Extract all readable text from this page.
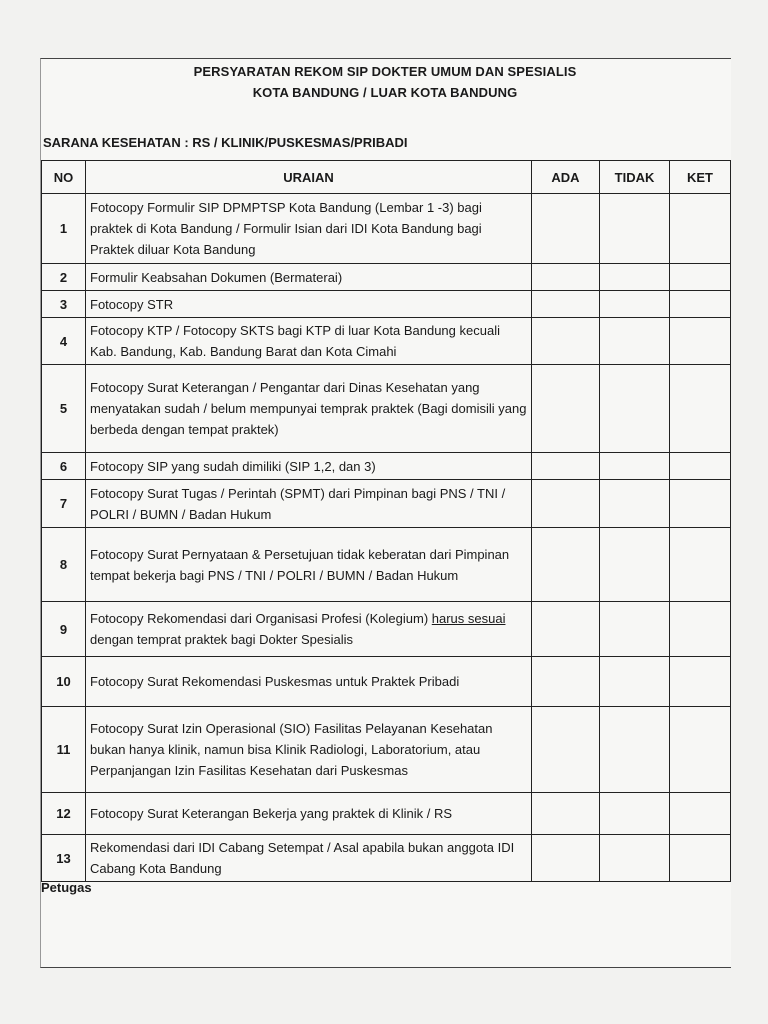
PERSYARATAN REKOM SIP DOKTER UMUM DAN SPESIALIS
KOTA BANDUNG / LUAR KOTA BANDUNG
SARANA KESEHATAN : RS / KLINIK/PUSKESMAS/PRIBADI
NO	URAIAN	ADA	TIDAK	KET
1	Fotocopy Formulir SIP DPMPTSP Kota Bandung (Lembar 1 -3) bagi praktek di Kota Bandung / Formulir Isian dari IDI Kota Bandung bagi Praktek diluar Kota Bandung			
2	Formulir Keabsahan Dokumen (Bermaterai)			
3	Fotocopy STR			
4	Fotocopy KTP / Fotocopy SKTS bagi KTP di luar Kota Bandung kecuali Kab. Bandung, Kab. Bandung Barat dan Kota Cimahi			
5	Fotocopy Surat Keterangan / Pengantar dari Dinas Kesehatan yang menyatakan sudah / belum mempunyai temprak praktek (Bagi domisili yang berbeda dengan tempat praktek)			
6	Fotocopy SIP yang sudah dimiliki (SIP 1,2, dan 3)			
7	Fotocopy Surat Tugas / Perintah (SPMT) dari Pimpinan bagi PNS / TNI / POLRI / BUMN / Badan Hukum			
8	Fotocopy Surat Pernyataan & Persetujuan tidak keberatan dari Pimpinan tempat bekerja bagi PNS / TNI / POLRI / BUMN / Badan Hukum			
9	Fotocopy Rekomendasi dari Organisasi Profesi (Kolegium) harus sesuai dengan temprat praktek bagi Dokter Spesialis			
10	Fotocopy Surat Rekomendasi Puskesmas untuk Praktek Pribadi			
11	Fotocopy Surat Izin Operasional (SIO) Fasilitas Pelayanan Kesehatan bukan hanya klinik, namun bisa Klinik Radiologi, Laboratorium, atau Perpanjangan Izin Fasilitas Kesehatan dari Puskesmas			
12	Fotocopy Surat Keterangan Bekerja yang praktek di Klinik / RS			
13	Rekomendasi dari IDI Cabang Setempat / Asal apabila bukan anggota IDI Cabang Kota Bandung			
Petugas
